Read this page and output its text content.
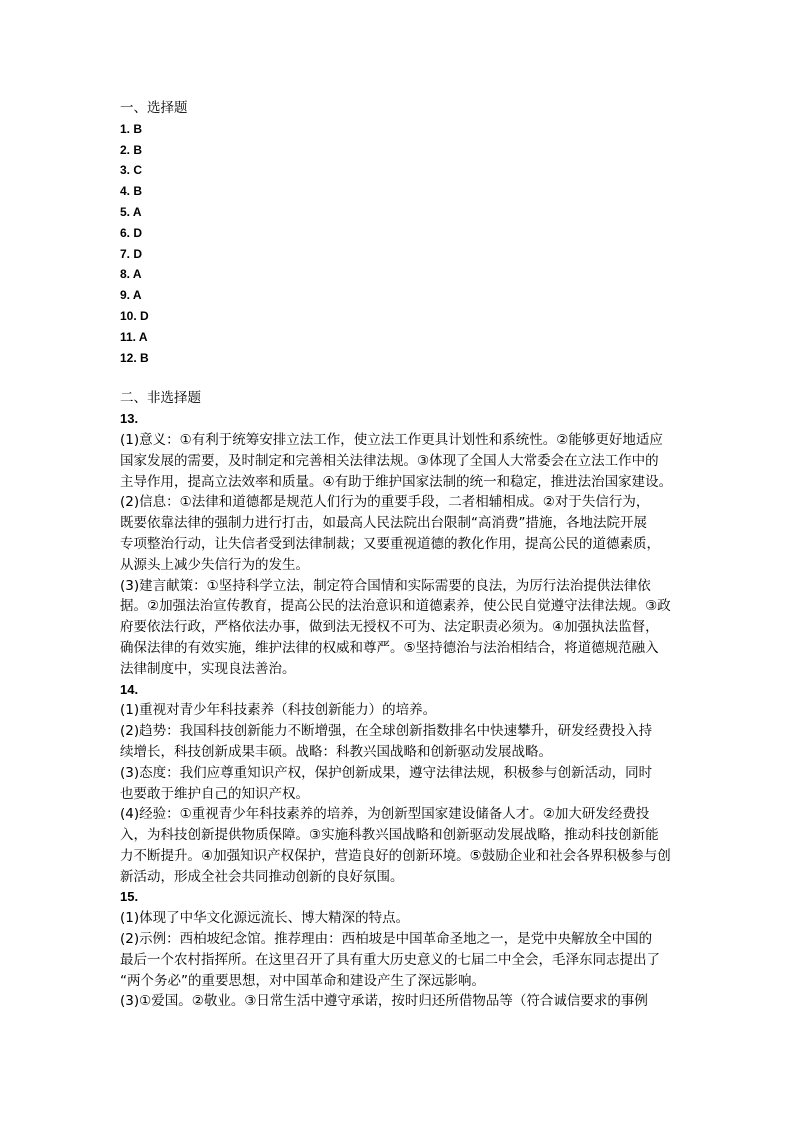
一、选择题
1. B
2. B
3. C
4. B
5. A
6. D
7. D
8. A
9. A
10. D
11. A
12. B
二、非选择题
13.
(1)意义：①有利于统筹安排立法工作，使立法工作更具计划性和系统性。②能够更好地适应
国家发展的需要，及时制定和完善相关法律法规。③体现了全国人大常委会在立法工作中的
主导作用，提高立法效率和质量。④有助于维护国家法制的统一和稳定，推进法治国家建设。
(2)信息：①法律和道德都是规范人们行为的重要手段，二者相辅相成。②对于失信行为，
既要依靠法律的强制力进行打击，如最高人民法院出台限制“高消费”措施，各地法院开展
专项整治行动，让失信者受到法律制裁；又要重视道德的教化作用，提高公民的道德素质，
从源头上减少失信行为的发生。
(3)建言献策：①坚持科学立法，制定符合国情和实际需要的良法，为厉行法治提供法律依
据。②加强法治宣传教育，提高公民的法治意识和道德素养，使公民自觉遵守法律法规。③政
府要依法行政，严格依法办事，做到法无授权不可为、法定职责必须为。④加强执法监督，
确保法律的有效实施，维护法律的权威和尊严。⑤坚持德治与法治相结合，将道德规范融入
法律制度中，实现良法善治。
14.
(1)重视对青少年科技素养（科技创新能力）的培养。
(2)趋势：我国科技创新能力不断增强，在全球创新指数排名中快速攀升，研发经费投入持
续增长，科技创新成果丰硕。战略：科教兴国战略和创新驱动发展战略。
(3)态度：我们应尊重知识产权，保护创新成果，遵守法律法规，积极参与创新活动，同时
也要敢于维护自己的知识产权。
(4)经验：①重视青少年科技素养的培养，为创新型国家建设储备人才。②加大研发经费投
入，为科技创新提供物质保障。③实施科教兴国战略和创新驱动发展战略，推动科技创新能
力不断提升。④加强知识产权保护，营造良好的创新环境。⑤鼓励企业和社会各界积极参与创
新活动，形成全社会共同推动创新的良好氛围。
15.
(1)体现了中华文化源远流长、博大精深的特点。
(2)示例：西柏坡纪念馆。推荐理由：西柏坡是中国革命圣地之一，是党中央解放全中国的
最后一个农村指挥所。在这里召开了具有重大历史意义的七届二中全会，毛泽东同志提出了
“两个务必”的重要思想，对中国革命和建设产生了深远影响。
(3)①爱国。②敬业。③日常生活中遵守承诺，按时归还所借物品等（符合诚信要求的事例
